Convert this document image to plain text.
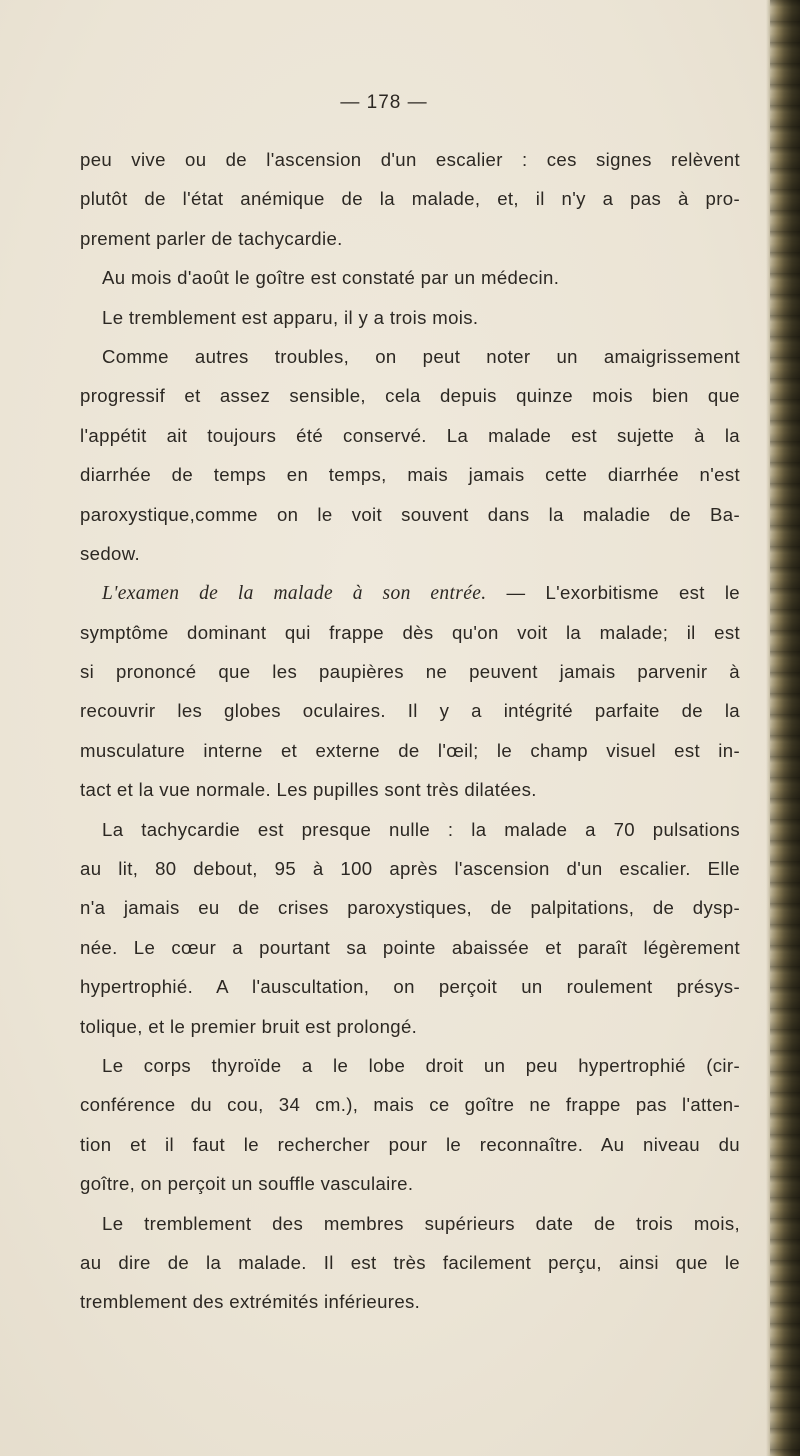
— 178 —
peu vive ou de l'ascension d'un escalier : ces signes relèvent
plutôt de l'état anémique de la malade, et, il n'y a pas à pro-
prement parler de tachycardie.
Au mois d'août le goître est constaté par un médecin.
Le tremblement est apparu, il y a trois mois.
Comme autres troubles, on peut noter un amaigrissement
progressif et assez sensible, cela depuis quinze mois bien que
l'appétit ait toujours été conservé. La malade est sujette à la
diarrhée de temps en temps, mais jamais cette diarrhée n'est
paroxystique,comme on le voit souvent dans la maladie de Ba-
sedow.
L'examen de la malade à son entrée. — L'exorbitisme est le
symptôme dominant qui frappe dès qu'on voit la malade; il est
si prononcé que les paupières ne peuvent jamais parvenir à
recouvrir les globes oculaires. Il y a intégrité parfaite de la
musculature interne et externe de l'œil; le champ visuel est in-
tact et la vue normale. Les pupilles sont très dilatées.
La tachycardie est presque nulle : la malade a 70 pulsations
au lit, 80 debout, 95 à 100 après l'ascension d'un escalier. Elle
n'a jamais eu de crises paroxystiques, de palpitations, de dysp-
née. Le cœur a pourtant sa pointe abaissée et paraît légèrement
hypertrophié. A l'auscultation, on perçoit un roulement présys-
tolique, et le premier bruit est prolongé.
Le corps thyroïde a le lobe droit un peu hypertrophié (cir-
conférence du cou, 34 cm.), mais ce goître ne frappe pas l'atten-
tion et il faut le rechercher pour le reconnaître. Au niveau du
goître, on perçoit un souffle vasculaire.
Le tremblement des membres supérieurs date de trois mois,
au dire de la malade. Il est très facilement perçu, ainsi que le
tremblement des extrémités inférieures.
